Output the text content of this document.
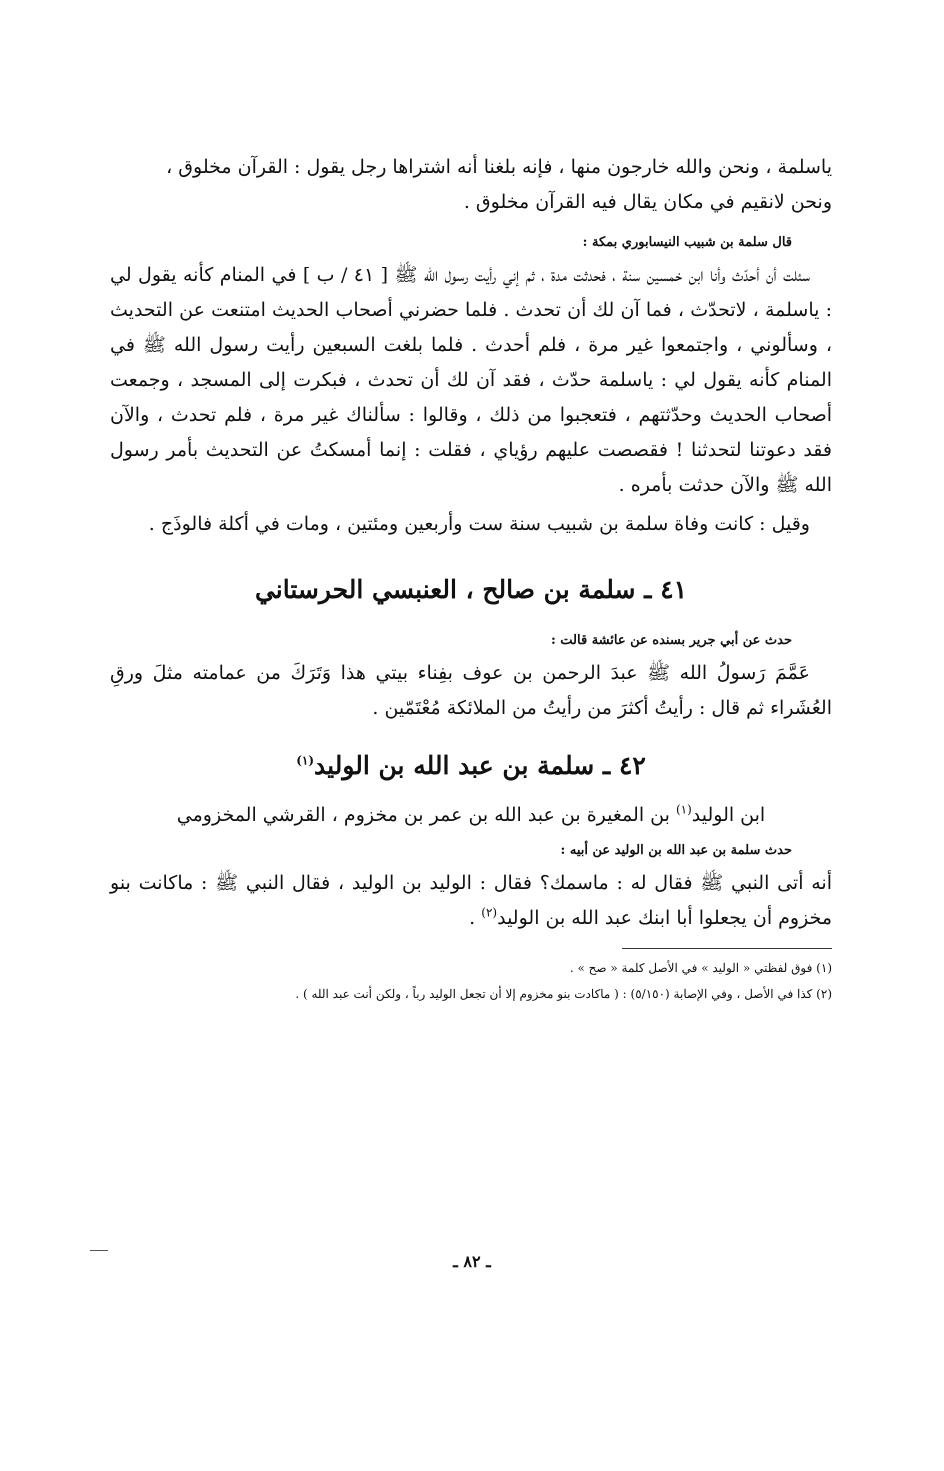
ياسلمة ، ونحن والله خارجون منها ، فإنه بلغنا أنه اشتراها رجل يقول : القرآن مخلوق ،

ونحن لانقيم في مكان يقال فيه القرآن مخلوق .

قال سلمة بن شبيب النيسابوري بمكة :

سئلت أن أحدّث وأنا ابن خمسين سنة ، فحدثت مدة ، ثم إني رأيت رسول الله ﷺ [ ٤١ / ب ] في المنام كأنه يقول لي : ياسلمة ، لاتحدّث ، فما آن لك أن تحدث . فلما حضرني أصحاب الحديث امتنعت عن التحديث ، وسألوني ، واجتمعوا غير مرة ، فلم أحدث . فلما بلغت السبعين رأيت رسول الله ﷺ في المنام كأنه يقول لي : ياسلمة حدّث ، فقد آن لك أن تحدث ، فبكرت إلى المسجد ، وجمعت أصحاب الحديث وحدّثتهم ، فتعجبوا من ذلك ، وقالوا : سألناك غير مرة ، فلم تحدث ، والآن فقد دعوتنا لتحدثنا ! فقصصت عليهم رؤياي ، فقلت : إنما أمسكتُ عن التحديث بأمر رسول الله ﷺ والآن حدثت بأمره .

وقيل : كانت وفاة سلمة بن شبيب سنة ست وأربعين ومئتين ، ومات في أكلة فالوذَج .

٤١ ـ سلمة بن صالح ، العنبسي الحرستاني

حدث عن أبي جرير بسنده عن عائشة قالت :

عَمَّمَ رَسولُ الله ﷺ عبدَ الرحمن بن عوف بفِناء بيتي هذا وَتَرَكَ من عمامته مثلَ ورقِ العُشَراء ثم قال : رأيتُ أكثرَ من رأيتُ من الملائكة مُعْتَمّين .

٤٢ ـ سلمة بن عبد الله بن الوليد$^{(١)}$

ابن الوليد$^{(١)}$ بن المغيرة بن عبد الله بن عمر بن مخزوم ، القرشي المخزومي

حدث سلمة بن عبد الله بن الوليد عن أبيه :

أنه أتى النبي ﷺ فقال له : ماسمك؟ فقال : الوليد بن الوليد ، فقال النبي ﷺ : ماكانت بنو مخزوم أن يجعلوا أبا ابنك عبد الله بن الوليد$^{(٢)}$ .

(١) فوق لفظتي « الوليد » في الأصل كلمة « صح » .

(٢) كذا في الأصل ، وفي الإصابة (٥/١٥٠) : ( ماكادت بنو مخزوم إلا أن تجعل الوليد رباً ، ولكن أنت عبد الله ) .

ـ ٨٢ ـ
